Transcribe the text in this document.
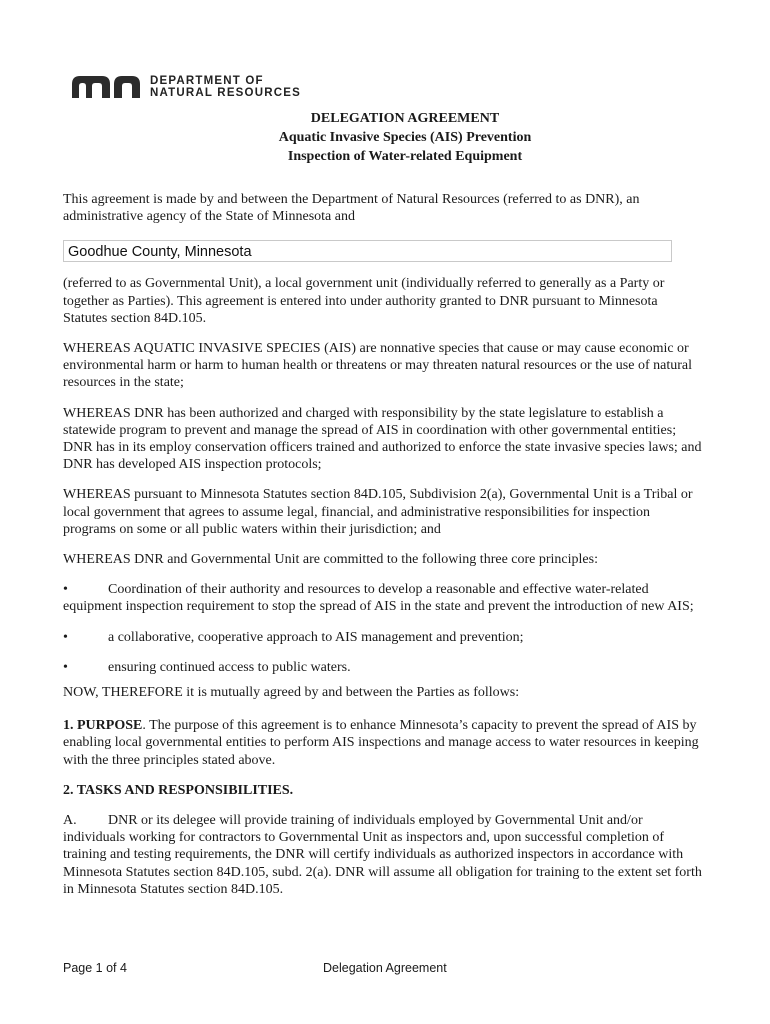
DEPARTMENT OF
NATURAL RESOURCES
DELEGATION AGREEMENT
Aquatic Invasive Species (AIS) Prevention
Inspection of Water-related Equipment

This agreement is made by and between the Department of Natural Resources (referred to as DNR), an administrative agency of the State of Minnesota and

Goodhue County, Minnesota

(referred to as Governmental Unit), a local government unit (individually referred to generally as a Party or together as Parties). This agreement is entered into under authority granted to DNR pursuant to Minnesota Statutes section 84D.105.

WHEREAS AQUATIC INVASIVE SPECIES (AIS) are nonnative species that cause or may cause economic or environmental harm or harm to human health or threatens or may threaten natural resources or the use of natural resources in the state;

WHEREAS DNR has been authorized and charged with responsibility by the state legislature to establish a statewide program to prevent and manage the spread of AIS in coordination with other governmental entities; DNR has in its employ conservation officers trained and authorized to enforce the state invasive species laws; and DNR has developed AIS inspection protocols;

WHEREAS pursuant to Minnesota Statutes section 84D.105, Subdivision 2(a), Governmental Unit is a Tribal or local government that agrees to assume legal, financial, and administrative responsibilities for inspection programs on some or all public waters within their jurisdiction; and

WHEREAS DNR and Governmental Unit are committed to the following three core principles:

•	Coordination of their authority and resources to develop a reasonable and effective water-related equipment inspection requirement to stop the spread of AIS in the state and prevent the introduction of new AIS;

•	a collaborative, cooperative approach to AIS management and prevention;

•	ensuring continued access to public waters.

NOW, THEREFORE it is mutually agreed by and between the Parties as follows:

1. PURPOSE. The purpose of this agreement is to enhance Minnesota’s capacity to prevent the spread of AIS by enabling local governmental entities to perform AIS inspections and manage access to water resources in keeping with the three principles stated above.

2. TASKS AND RESPONSIBILITIES.

A. DNR or its delegee will provide training of individuals employed by Governmental Unit and/or individuals working for contractors to Governmental Unit as inspectors and, upon successful completion of training and testing requirements, the DNR will certify individuals as authorized inspectors in accordance with Minnesota Statutes section 84D.105, subd. 2(a). DNR will assume all obligation for training to the extent set forth in Minnesota Statutes section 84D.105.

Page 1 of 4	Delegation Agreement
